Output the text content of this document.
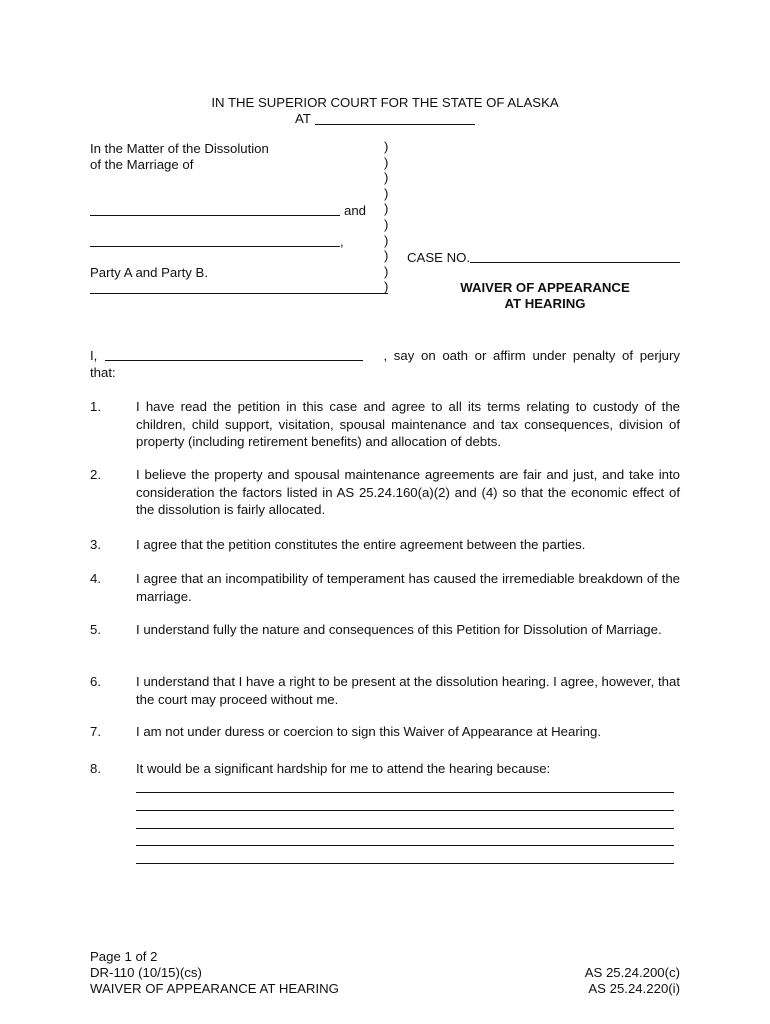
IN THE SUPERIOR COURT FOR THE STATE OF ALASKA
AT
In the Matter of the Dissolution
of the Marriage of
and
,
Party A and Party B.
)
)
)
)
)
)
)
)
)
)
CASE NO.
WAIVER OF APPEARANCE
AT HEARING
I,	, say on oath or affirm under penalty of perjury
that:
1.	I have read the petition in this case and agree to all its terms relating to custody of the children, child support, visitation, spousal maintenance and tax consequences, division of property (including retirement benefits) and allocation of debts.
2.	I believe the property and spousal maintenance agreements are fair and just, and take into consideration the factors listed in AS 25.24.160(a)(2) and (4) so that the economic effect of the dissolution is fairly allocated.
3.	I agree that the petition constitutes the entire agreement between the parties.
4.	I agree that an incompatibility of temperament has caused the irremediable breakdown of the marriage.
5.	I understand fully the nature and consequences of this Petition for Dissolution of Marriage.
6.	I understand that I have a right to be present at the dissolution hearing. I agree, however, that the court may proceed without me.
7.	I am not under duress or coercion to sign this Waiver of Appearance at Hearing.
8.	It would be a significant hardship for me to attend the hearing because:
Page 1 of 2
DR-110 (10/15)(cs)
WAIVER OF APPEARANCE AT HEARING
AS 25.24.200(c)
AS 25.24.220(i)
